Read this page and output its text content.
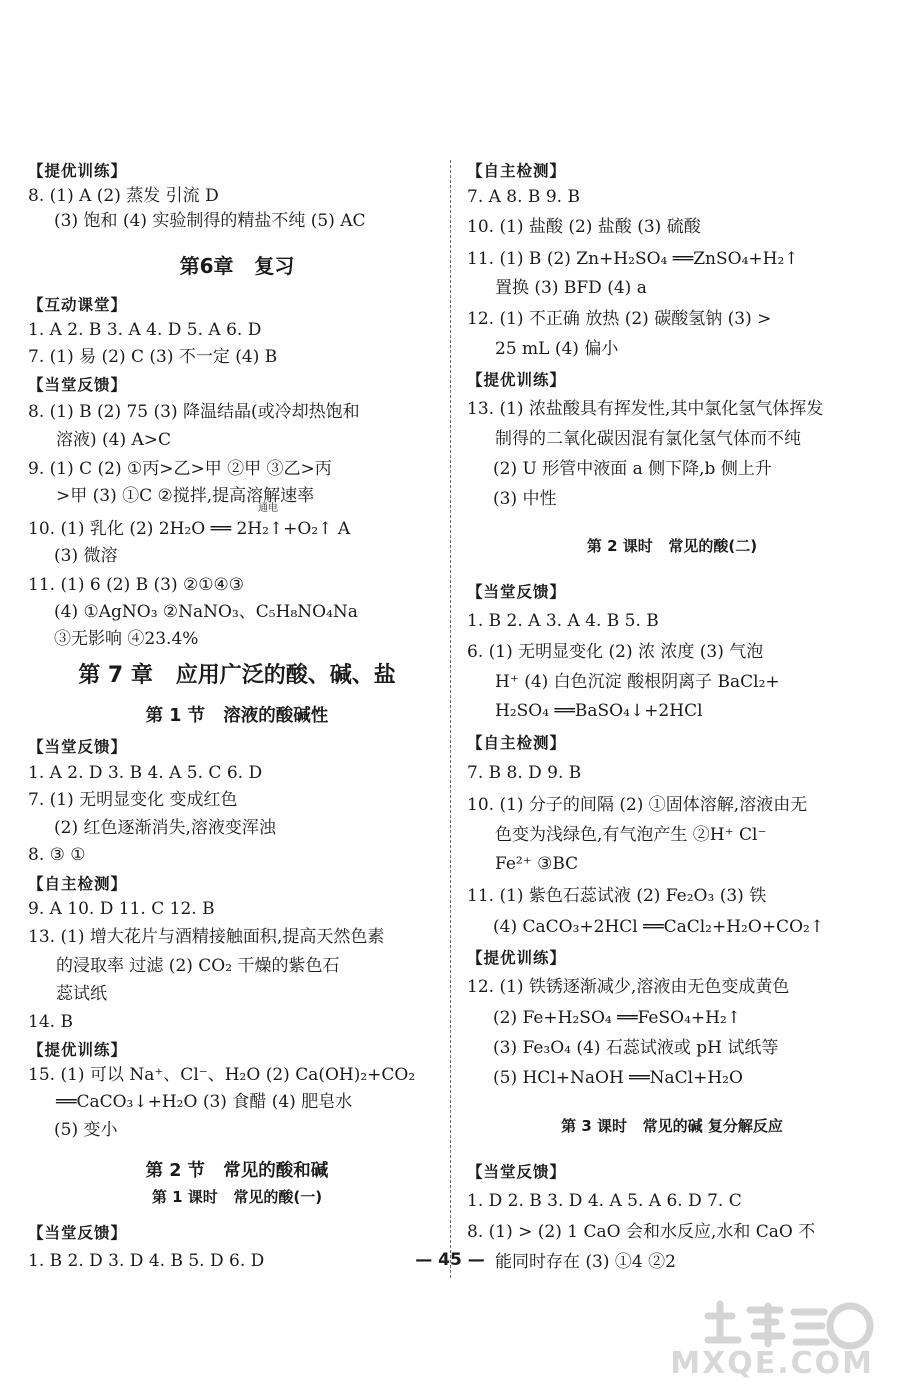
【提优训练】
8. (1) A (2) 蒸发 引流 D
(3) 饱和 (4) 实验制得的精盐不纯 (5) AC
第6章   复习
【互动课堂】
1. A 2. B 3. A 4. D 5. A 6. D
7. (1) 易 (2) C (3) 不一定 (4) B
【当堂反馈】
8. (1) B (2) 75 (3) 降温结晶(或冷却热饱和
溶液) (4) A>C
9. (1) C (2) ①丙>乙>甲 ②甲 ③乙>丙
>甲 (3) ①C ②搅拌,提高溶解速率
通电
10. (1) 乳化 (2) 2H₂O ══ 2H₂↑+O₂↑ A
(3) 微溶
11. (1) 6 (2) B (3) ②①④③
(4) ①AgNO₃ ②NaNO₃、C₅H₈NO₄Na
③无影响 ④23.4%
第 7 章   应用广泛的酸、碱、盐
第 1 节   溶液的酸碱性
【当堂反馈】
1. A 2. D 3. B 4. A 5. C 6. D
7. (1) 无明显变化 变成红色
(2) 红色逐渐消失,溶液变浑浊
8. ③ ①
【自主检测】
9. A 10. D 11. C 12. B
13. (1) 增大花片与酒精接触面积,提高天然色素
的浸取率 过滤 (2) CO₂ 干燥的紫色石
蕊试纸
14. B
【提优训练】
15. (1) 可以 Na⁺、Cl⁻、H₂O (2) Ca(OH)₂+CO₂
══CaCO₃↓+H₂O (3) 食醋 (4) 肥皂水
(5) 变小
第 2 节   常见的酸和碱
第 1 课时   常见的酸(一)
【当堂反馈】
1. B 2. D 3. D 4. B 5. D 6. D
【自主检测】
7. A 8. B 9. B
10. (1) 盐酸 (2) 盐酸 (3) 硫酸
11. (1) B (2) Zn+H₂SO₄ ══ZnSO₄+H₂↑
置换 (3) BFD (4) a
12. (1) 不正确 放热 (2) 碳酸氢钠 (3) >
25 mL (4) 偏小
【提优训练】
13. (1) 浓盐酸具有挥发性,其中氯化氢气体挥发
制得的二氧化碳因混有氯化氢气体而不纯
(2) U 形管中液面 a 侧下降,b 侧上升
(3) 中性
第 2 课时   常见的酸(二)
【当堂反馈】
1. B 2. A 3. A 4. B 5. B
6. (1) 无明显变化 (2) 浓 浓度 (3) 气泡
H⁺ (4) 白色沉淀 酸根阴离子 BaCl₂+
H₂SO₄ ══BaSO₄↓+2HCl
【自主检测】
7. B 8. D 9. B
10. (1) 分子的间隔 (2) ①固体溶解,溶液由无
色变为浅绿色,有气泡产生 ②H⁺ Cl⁻
Fe²⁺ ③BC
11. (1) 紫色石蕊试液 (2) Fe₂O₃ (3) 铁
(4) CaCO₃+2HCl ══CaCl₂+H₂O+CO₂↑
【提优训练】
12. (1) 铁锈逐渐减少,溶液由无色变成黄色
(2) Fe+H₂SO₄ ══FeSO₄+H₂↑
(3) Fe₃O₄ (4) 石蕊试液或 pH 试纸等
(5) HCl+NaOH ══NaCl+H₂O
第 3 课时   常见的碱 复分解反应
【当堂反馈】
1. D 2. B 3. D 4. A 5. A 6. D 7. C
8. (1) > (2) 1 CaO 会和水反应,水和 CaO 不
能同时存在 (3) ①4 ②2
— 45 —
MXQE.COM
